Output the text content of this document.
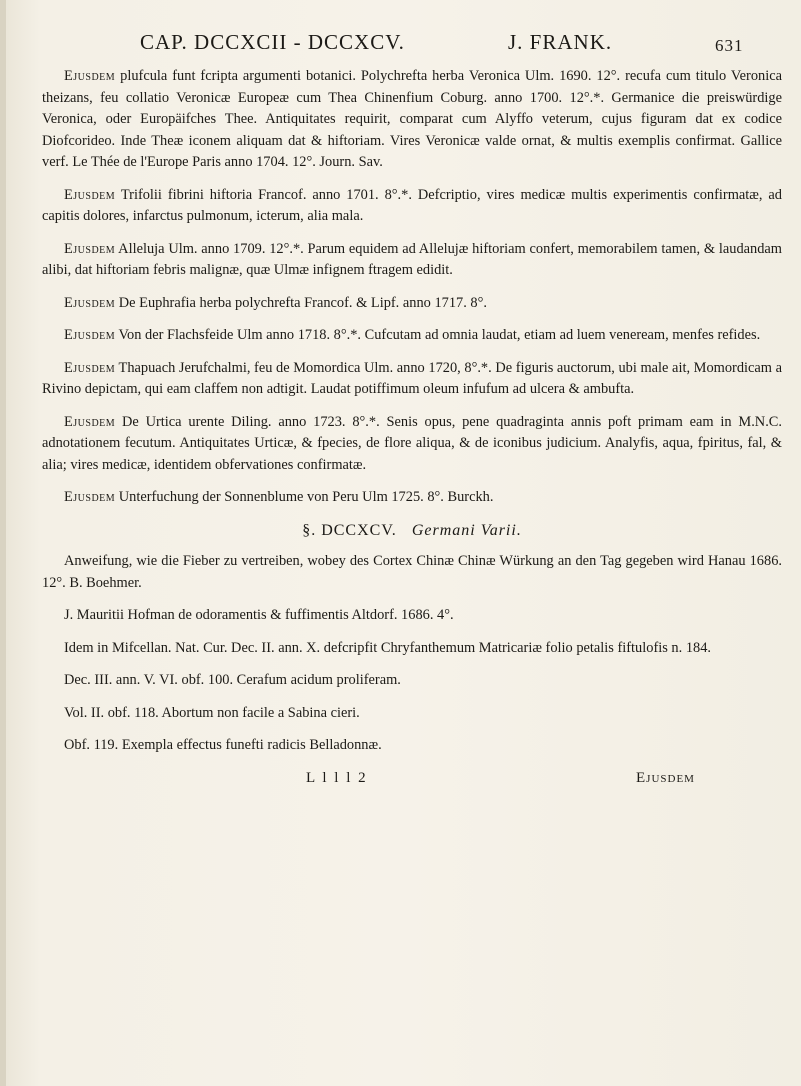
CAP. DCCXCII - DCCXCV.	J. FRANK.	631

Ejusdem plufcula funt fcripta argumenti botanici. Polychrefta herba Veronica Ulm. 1690. 12°. recufa cum titulo Veronica theizans, feu collatio Veronicæ Europeæ cum Thea Chinenfium Coburg. anno 1700. 12°.*. Germanice die preiswürdige Veronica, oder Europäifches Thee. Antiquitates requirit, comparat cum Alyffo veterum, cujus figuram dat ex codice Diofcorideo. Inde Theæ iconem aliquam dat & hiftoriam. Vires Veronicæ valde ornat, & multis exemplis confirmat. Gallice verf. Le Thée de l'Europe Paris anno 1704. 12°. Journ. Sav.

Ejusdem Trifolii fibrini hiftoria Francof. anno 1701. 8°.*. Defcriptio, vires medicæ multis experimentis confirmatæ, ad capitis dolores, infarctus pulmonum, icterum, alia mala.

Ejusdem Alleluja Ulm. anno 1709. 12°.*. Parum equidem ad Allelujæ hiftoriam confert, memorabilem tamen, & laudandam alibi, dat hiftoriam febris malignæ, quæ Ulmæ infignem ftragem edidit.

Ejusdem De Euphrafia herba polychrefta Francof. & Lipf. anno 1717. 8°.

Ejusdem Von der Flachsfeide Ulm anno 1718. 8°.*. Cufcutam ad omnia laudat, etiam ad luem veneream, menfes refides.

Ejusdem Thapuach Jerufchalmi, feu de Momordica Ulm. anno 1720, 8°.*. De figuris auctorum, ubi male ait, Momordicam a Rivino depictam, qui eam claffem non adtigit. Laudat potiffimum oleum infufum ad ulcera & ambufta.

Ejusdem De Urtica urente Diling. anno 1723. 8°.*. Senis opus, pene quadraginta annis poft primam eam in M.N.C. adnotationem fecutum. Antiquitates Urticæ, & fpecies, de flore aliqua, & de iconibus judicium. Analyfis, aqua, fpiritus, fal, & alia; vires medicæ, identidem obfervationes confirmatæ.

Ejusdem Unterfuchung der Sonnenblume von Peru Ulm 1725. 8°. Burckh.

§. DCCXCV. Germani Varii.

Anweifung, wie die Fieber zu vertreiben, wobey des Cortex Chinæ Chinæ Würkung an den Tag gegeben wird Hanau 1686. 12°. B. Boehmer.

J. Mauritii Hofman de odoramentis & fuffimentis Altdorf. 1686. 4°.

Idem in Mifcellan. Nat. Cur. Dec. II. ann. X. defcripfit Chryfanthemum Matricariæ folio petalis fiftulofis n. 184.

Dec. III. ann. V. VI. obf. 100. Cerafum acidum proliferam.

Vol. II. obf. 118. Abortum non facile a Sabina cieri.

Obf. 119. Exempla effectus funefti radicis Belladonnæ.

L l l l 2	Ejusdem
